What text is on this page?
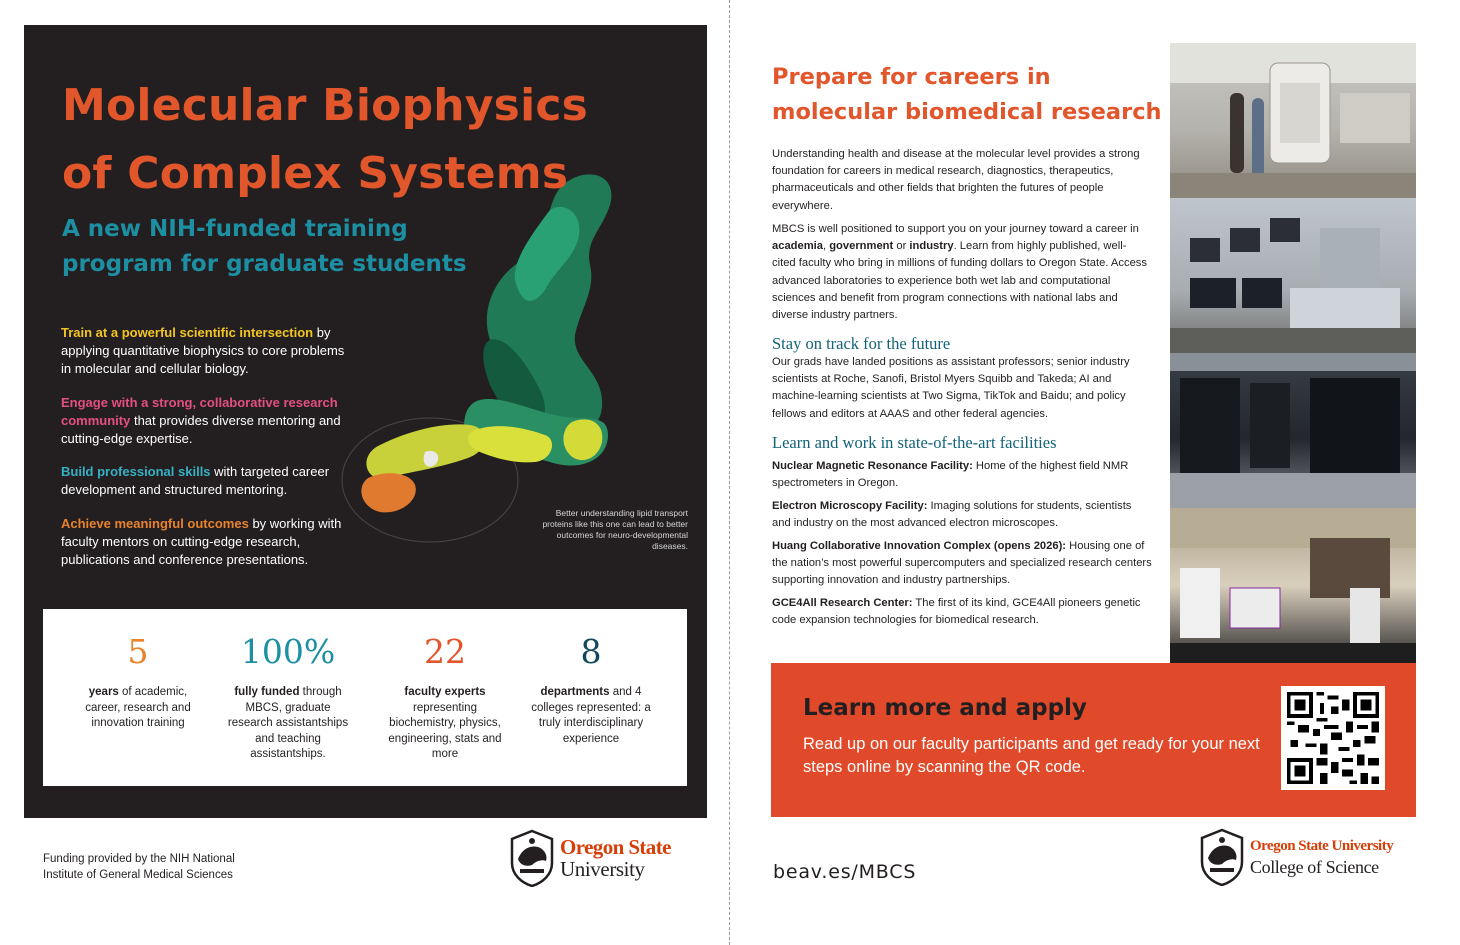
Better understanding lipid transport proteins like this one can lead to better outcomes for neuro-developmental diseases.
Molecular Biophysics of Complex Systems
A new NIH-funded training program for graduate students
Train at a powerful scientific intersection by applying quantitative biophysics to core problems in molecular and cellular biology.
Engage with a strong, collaborative research community that provides diverse mentoring and cutting-edge expertise.
Build professional skills with targeted career development and structured mentoring.
Achieve meaningful outcomes by working with faculty mentors on cutting-edge research, publications and conference presentations.
5
years of academic, career, research and innovation training
100%
fully funded through MBCS, graduate research assistantships and teaching assistantships.
22
faculty experts representing biochemistry, physics, engineering, stats and more
8
departments and 4 colleges represented: a truly interdisciplinary experience
Funding provided by the NIH National Institute of General Medical Sciences
Oregon State
University
Prepare for careers in molecular biomedical research
Understanding health and disease at the molecular level provides a strong foundation for careers in medical research, diagnostics, therapeutics, pharmaceuticals and other fields that brighten the futures of people everywhere.
MBCS is well positioned to support you on your journey toward a career in academia, government or industry. Learn from highly published, well-cited faculty who bring in millions of funding dollars to Oregon State. Access advanced laboratories to experience both wet lab and computational sciences and benefit from program connections with national labs and diverse industry partners.
Stay on track for the future
Our grads have landed positions as assistant professors; senior industry scientists at Roche, Sanofi, Bristol Myers Squibb and Takeda; AI and machine-learning scientists at Two Sigma, TikTok and Baidu; and policy fellows and editors at AAAS and other federal agencies.
Learn and work in state-of-the-art facilities
Nuclear Magnetic Resonance Facility: Home of the highest field NMR spectrometers in Oregon.
Electron Microscopy Facility: Imaging solutions for students, scientists and industry on the most advanced electron microscopes.
Huang Collaborative Innovation Complex (opens 2026): Housing one of the nation’s most powerful supercomputers and specialized research centers supporting innovation and industry partnerships.
GCE4All Research Center: The first of its kind, GCE4All pioneers genetic code expansion technologies for biomedical research.
Learn more and apply
Read up on our faculty participants and get ready for your next steps online by scanning the QR code.
beav.es/MBCS
Oregon State University
College of Science
